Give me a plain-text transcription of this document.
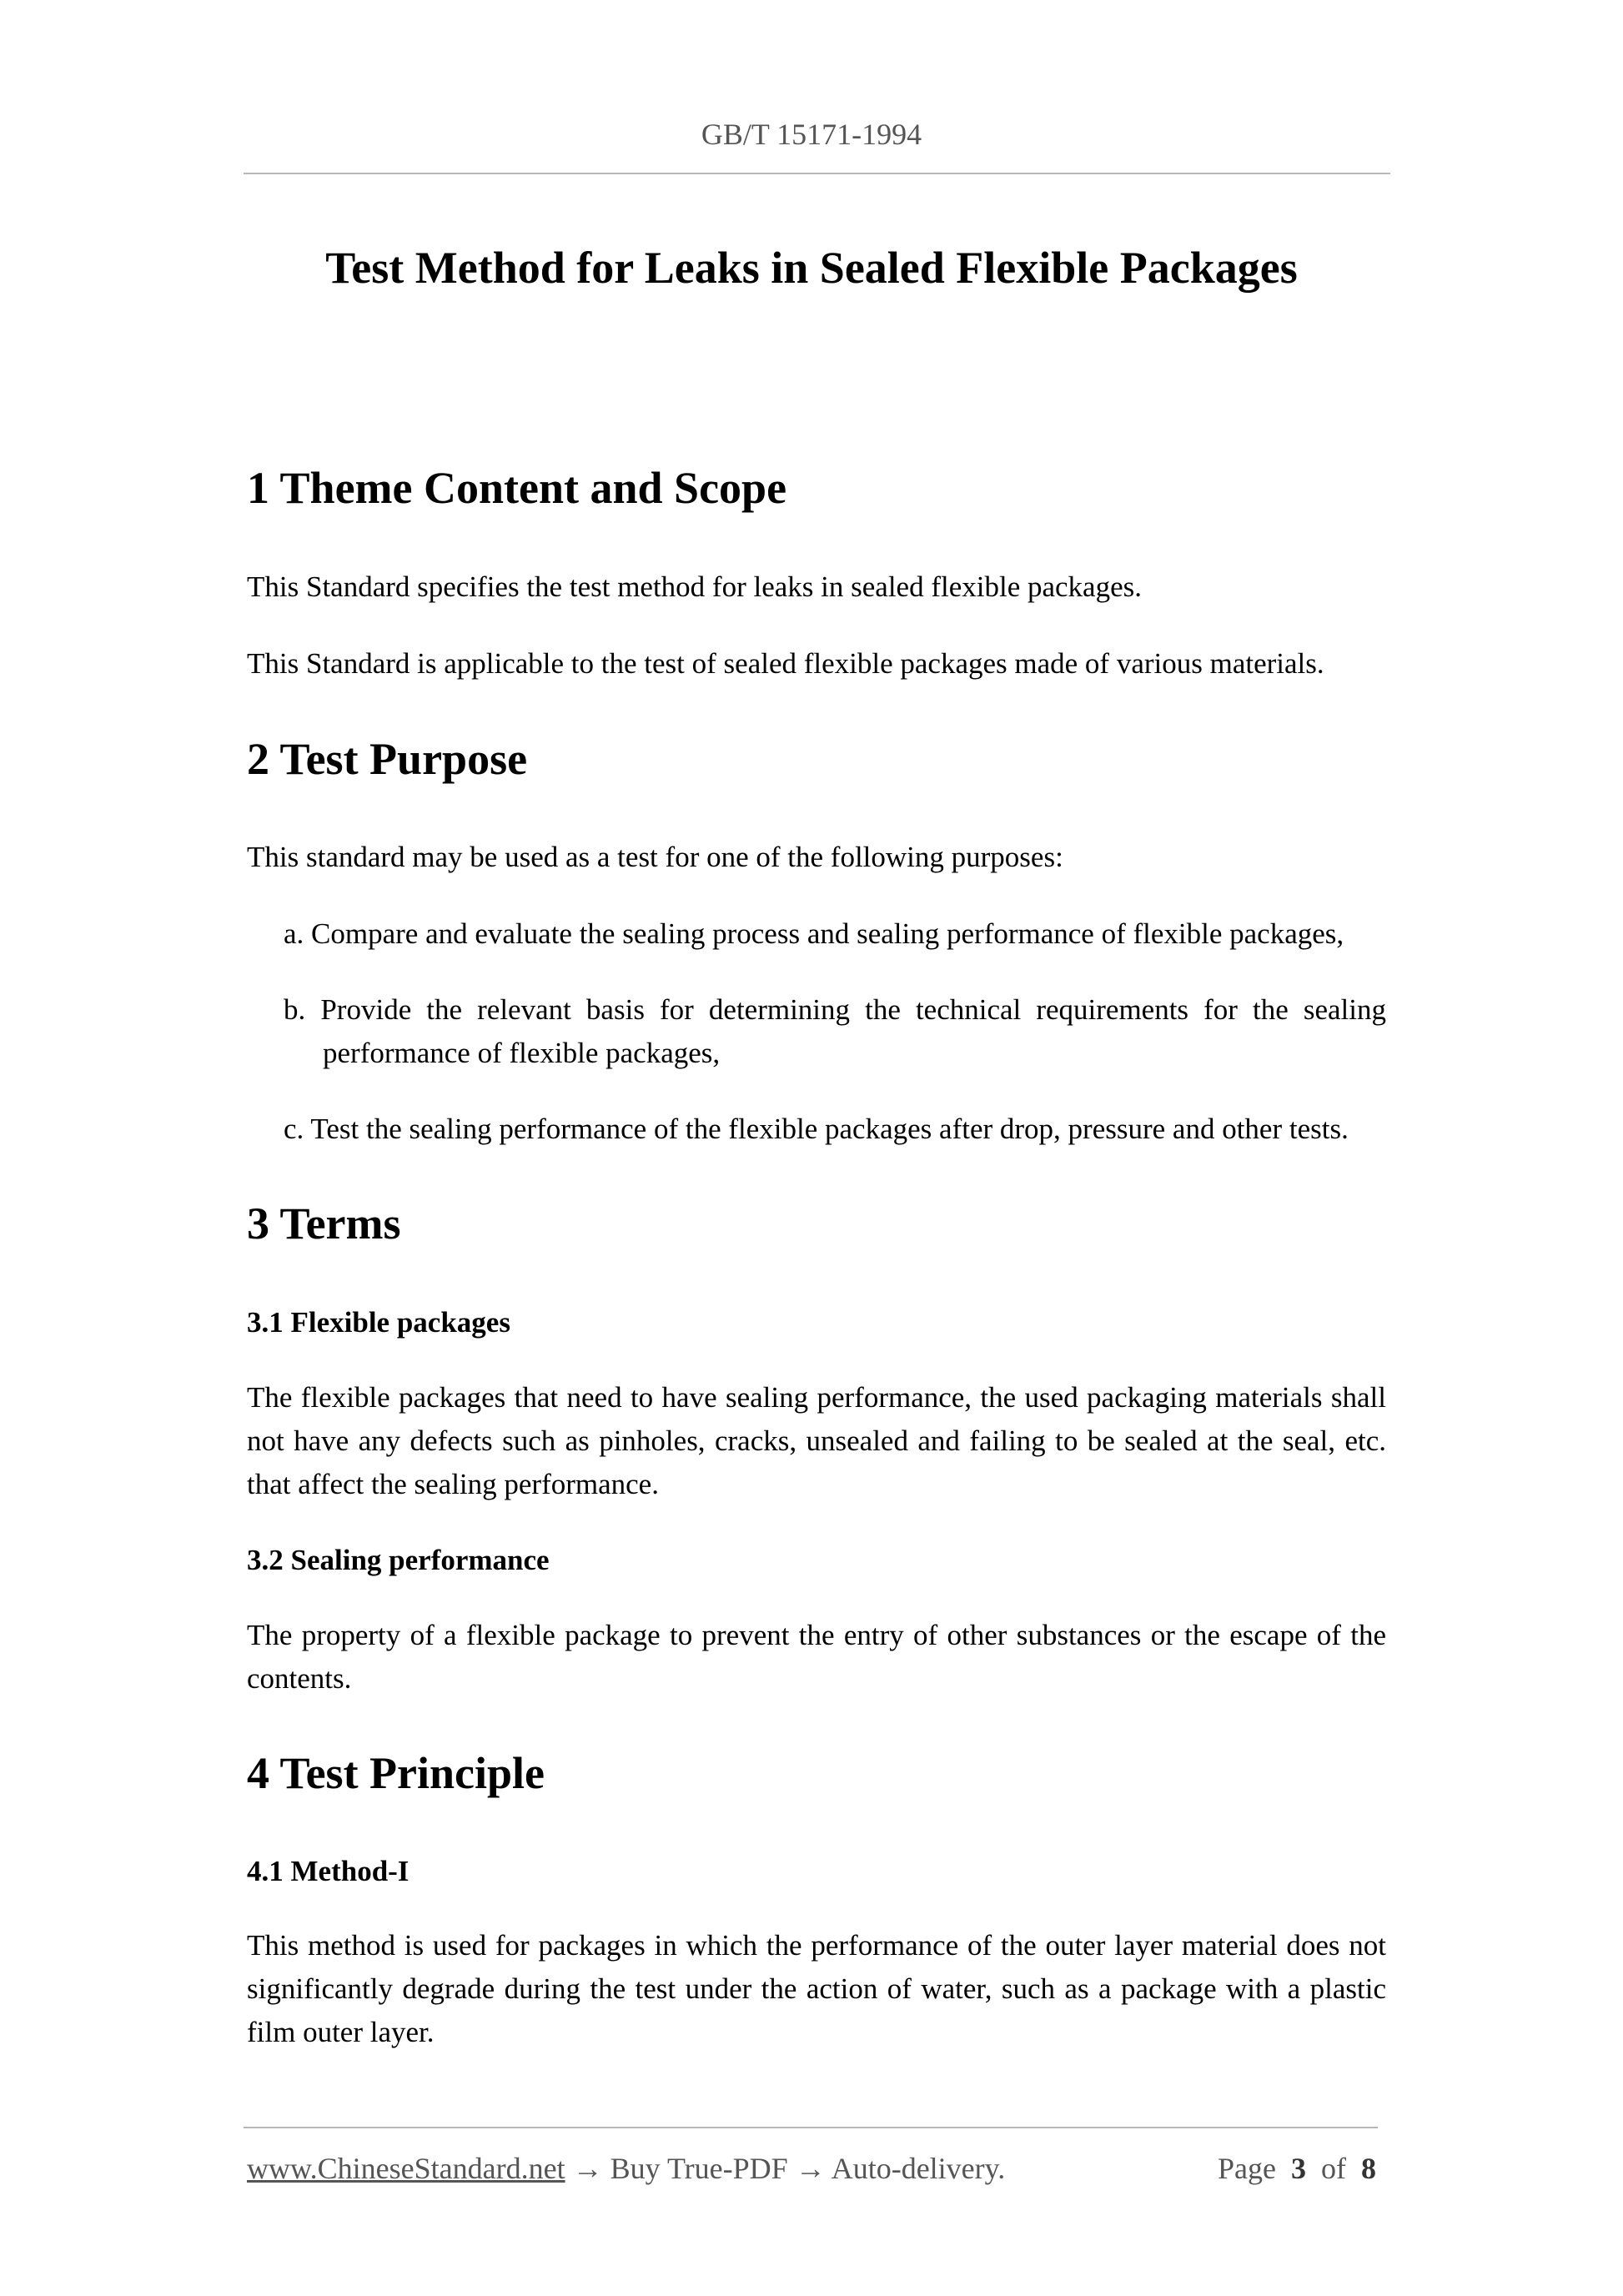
GB/T 15171-1994
Test Method for Leaks in Sealed Flexible Packages
1 Theme Content and Scope
This Standard specifies the test method for leaks in sealed flexible packages.
This Standard is applicable to the test of sealed flexible packages made of various materials.
2 Test Purpose
This standard may be used as a test for one of the following purposes:
a. Compare and evaluate the sealing process and sealing performance of flexible packages,
b. Provide the relevant basis for determining the technical requirements for the sealing
performance of flexible packages,
c. Test the sealing performance of the flexible packages after drop, pressure and other tests.
3 Terms
3.1 Flexible packages
The flexible packages that need to have sealing performance, the used packaging materials shall not have any defects such as pinholes, cracks, unsealed and failing to be sealed at the seal, etc. that affect the sealing performance.
3.2 Sealing performance
The property of a flexible package to prevent the entry of other substances or the escape of the contents.
4 Test Principle
4.1 Method-I
This method is used for packages in which the performance of the outer layer material does not significantly degrade during the test under the action of water, such as a package with a plastic film outer layer.
www.ChineseStandard.net → Buy True-PDF → Auto-delivery.	Page 3 of 8
